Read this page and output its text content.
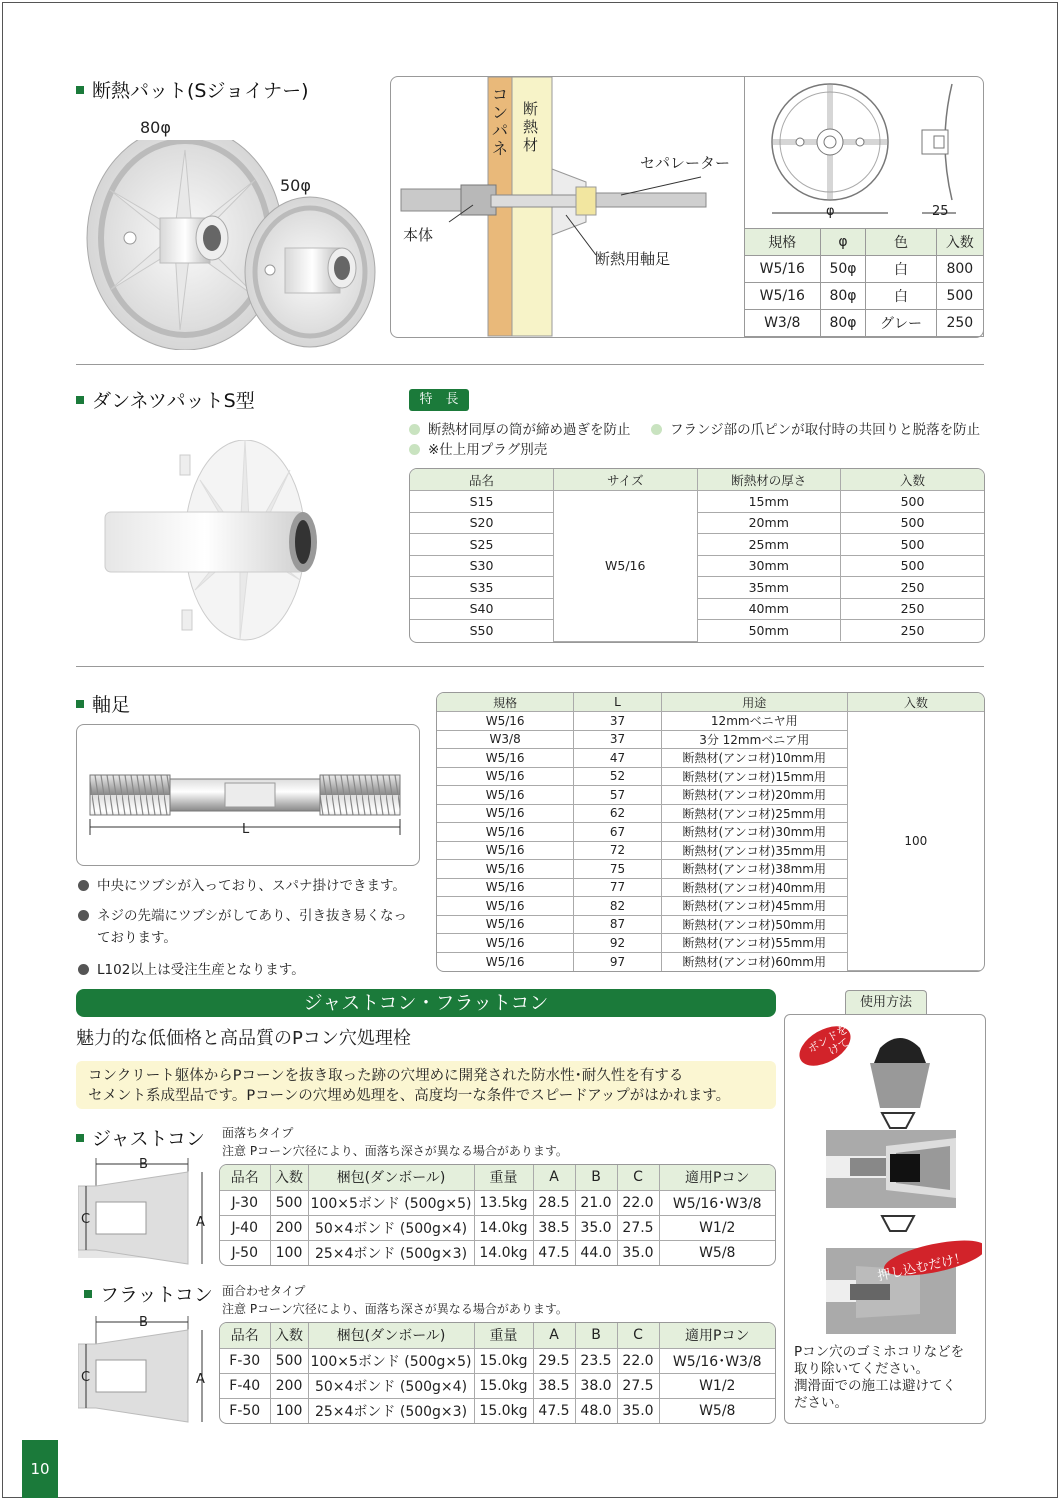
断熱パット(Sジョイナー)
80φ
50φ
コンパネ
断熱材
セパレーター
本体
断熱用軸足
φ	25
規格	φ	色	入数
W5/16	50φ	白	800
W5/16	80φ	白	500
W3/8	80φ	グレー	250
ダンネツパットS型	特　長
断熱材同厚の筒が締め過ぎを防止	フランジ部の爪ピンが取付時の共回りと脱落を防止
※仕上用プラグ別売
品名	サイズ	断熱材の厚さ	入数
S15	W5/16	15mm	500
S20		20mm	500
S25		25mm	500
S30		30mm	500
S35		35mm	250
S40		40mm	250
S50		50mm	250
軸足
L
中央にツブシが入っており、スパナ掛けできます。
ネジの先端にツブシがしてあり、引き抜き易くなっております。
L102以上は受注生産となります。
規格	L	用途	入数
W5/16	37	12mmベニヤ用	100
W3/8	37	3分 12mmベニア用	
W5/16	47	断熱材(アンコ材)10mm用	
W5/16	52	断熱材(アンコ材)15mm用	
W5/16	57	断熱材(アンコ材)20mm用	
W5/16	62	断熱材(アンコ材)25mm用	
W5/16	67	断熱材(アンコ材)30mm用	
W5/16	72	断熱材(アンコ材)35mm用	
W5/16	75	断熱材(アンコ材)38mm用	
W5/16	77	断熱材(アンコ材)40mm用	
W5/16	82	断熱材(アンコ材)45mm用	
W5/16	87	断熱材(アンコ材)50mm用	
W5/16	92	断熱材(アンコ材)55mm用	
W5/16	97	断熱材(アンコ材)60mm用	
ジャストコン・フラットコン	使用方法
魅力的な低価格と高品質のPコン穴処理栓
コンクリート躯体からPコーンを抜き取った跡の穴埋めに開発された防水性･耐久性を有する
セメント系成型品です。Pコーンの穴埋め処理を、高度均一な条件でスピードアップがはかれます。
ボンドを着けて
押し込むだけ！
Pコン穴のゴミホコリなどを
取り除いてください。
潤滑面での施工は避けてく
ださい。
ジャストコン 面落ちタイプ
注意 Pコーン穴径により、面落ち深さが異なる場合があります。
B
C	A
品名	入数	梱包(ダンボール)	重量	A	B	C	適用Pコン
J-30	500	100×5ボンド (500g×5)	13.5kg	28.5	21.0	22.0	W5/16･W3/8
J-40	200	50×4ボンド (500g×4)	14.0kg	38.5	35.0	27.5	W1/2
J-50	100	25×4ボンド (500g×3)	14.0kg	47.5	44.0	35.0	W5/8
フラットコン 面合わせタイプ
注意 Pコーン穴径により、面落ち深さが異なる場合があります。
B
C	A
品名	入数	梱包(ダンボール)	重量	A	B	C	適用Pコン
F-30	500	100×5ボンド (500g×5)	15.0kg	29.5	23.5	22.0	W5/16･W3/8
F-40	200	50×4ボンド (500g×4)	15.0kg	38.5	38.0	27.5	W1/2
F-50	100	25×4ボンド (500g×3)	15.0kg	47.5	48.0	35.0	W5/8
10
